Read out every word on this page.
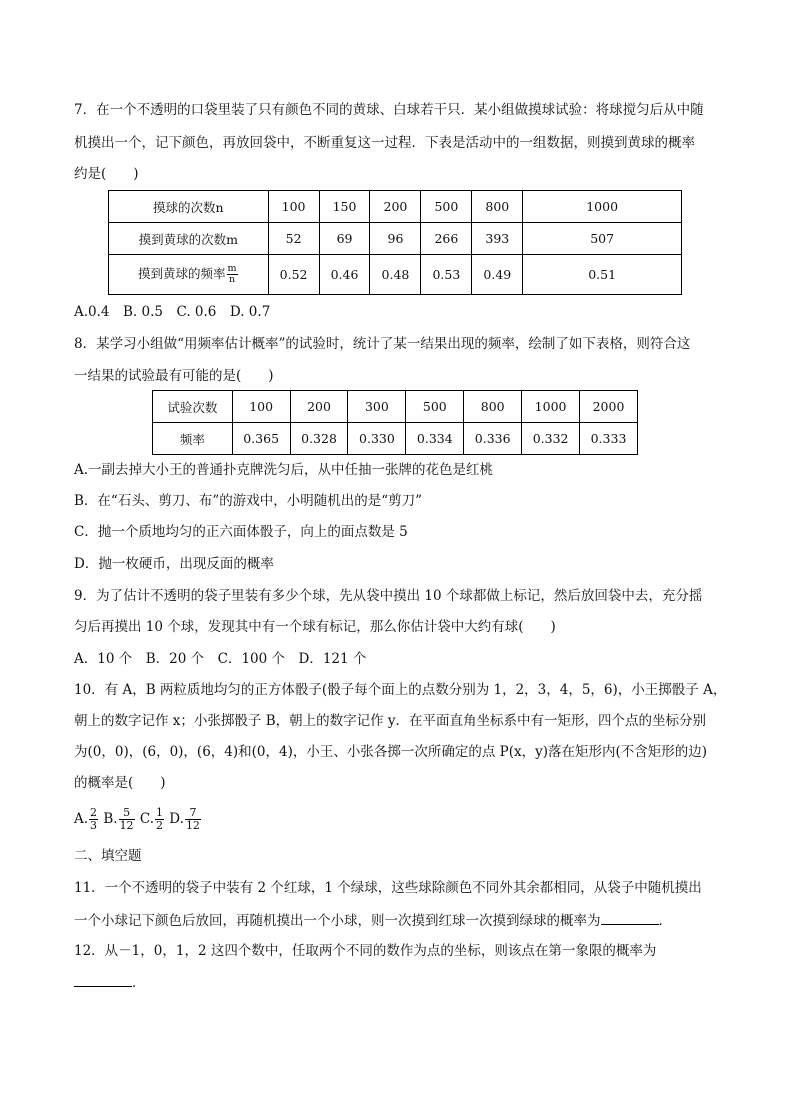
7．在一个不透明的口袋里装了只有颜色不同的黄球、白球若干只．某小组做摸球试验：将球搅匀后从中随
机摸出一个，记下颜色，再放回袋中，不断重复这一过程．下表是活动中的一组数据，则摸到黄球的概率
约是(　　)
摸球的次数n	100	150	200	500	800	1000
摸到黄球的次数m	52	69	96	266	393	507
摸到黄球的频率 $\frac{m}{n}$	0.52	0.46	0.48	0.53	0.49	0.51
A.0.4　B. 0.5　C. 0.6　D. 0.7
8．某学习小组做“用频率估计概率”的试验时，统计了某一结果出现的频率，绘制了如下表格，则符合这
一结果的试验最有可能的是(　　)
试验次数	100	200	300	500	800	1000	2000
频率	0.365	0.328	0.330	0.334	0.336	0.332	0.333
A.一副去掉大小王的普通扑克牌洗匀后，从中任抽一张牌的花色是红桃
B．在“石头、剪刀、布”的游戏中，小明随机出的是“剪刀”
C．抛一个质地均匀的正六面体骰子，向上的面点数是 5
D．抛一枚硬币，出现反面的概率
9．为了估计不透明的袋子里装有多少个球，先从袋中摸出 10 个球都做上标记，然后放回袋中去，充分摇
匀后再摸出 10 个球，发现其中有一个球有标记，那么你估计袋中大约有球(　　)
A．10 个　B．20 个　C．100 个　D．121 个
10．有 A，B 两粒质地均匀的正方体骰子(骰子每个面上的点数分别为 1，2，3，4，5，6)，小王掷骰子 A，
朝上的数字记作 x；小张掷骰子 B，朝上的数字记作 y．在平面直角坐标系中有一矩形，四个点的坐标分别
为(0，0)，(6，0)，(6，4)和(0，4)，小王、小张各掷一次所确定的点 P(x，y)落在矩形内(不含矩形的边)
的概率是(　　)
A. $\frac{2}{3} B$. $\frac{5}{12} C$. $\frac{1}{2} D$. $\frac{7}{12}$
二、填空题
11．一个不透明的袋子中装有 2 个红球，1 个绿球，这些球除颜色不同外其余都相同，从袋子中随机摸出
一个小球记下颜色后放回，再随机摸出一个小球，则一次摸到红球一次摸到绿球的概率为	．
12．从－1，0，1，2 这四个数中，任取两个不同的数作为点的坐标，则该点在第一象限的概率为
．
